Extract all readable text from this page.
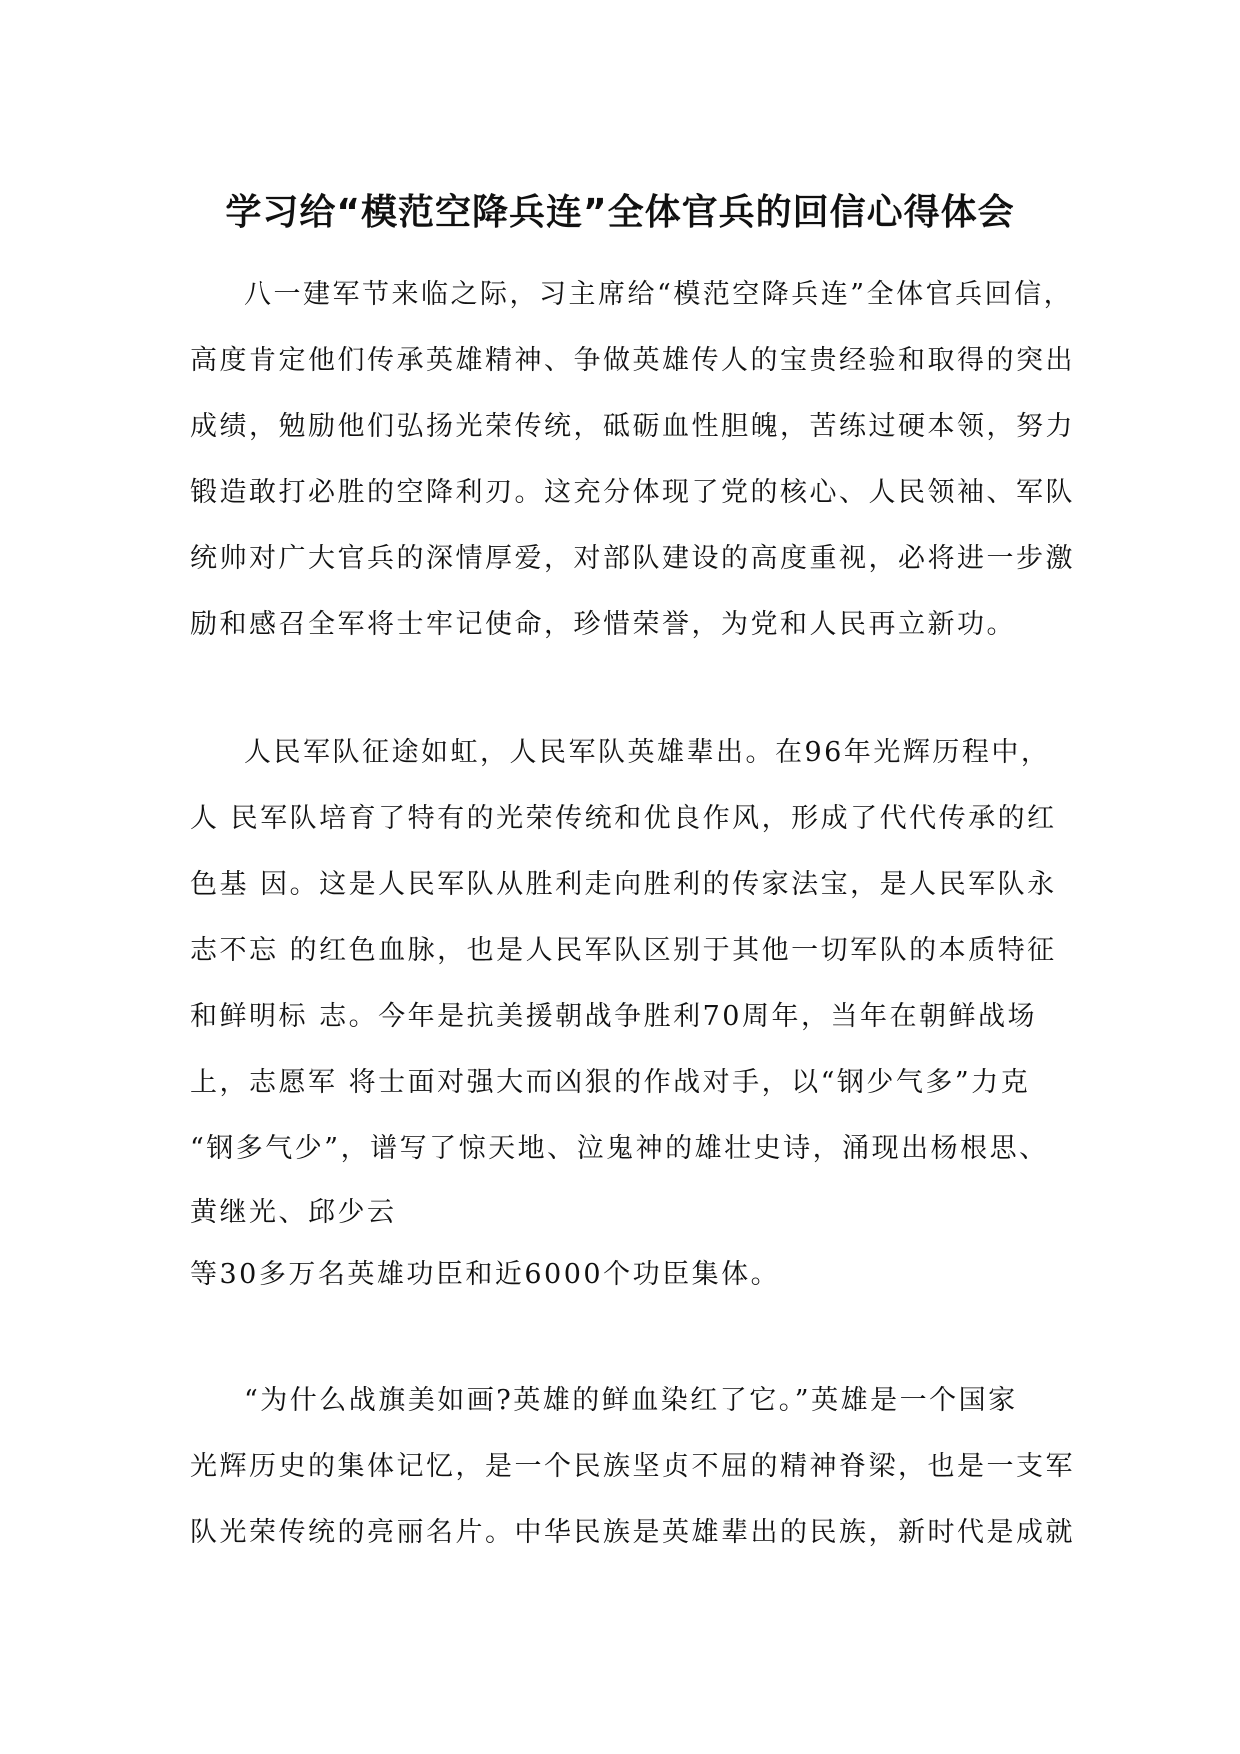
学习给“模范空降兵连”全体官兵的回信心得体会
八一建军节来临之际，习主席给“模范空降兵连”全体官兵回信，
高度肯定他们传承英雄精神、争做英雄传人的宝贵经验和取得的突出
成绩，勉励他们弘扬光荣传统，砥砺血性胆魄，苦练过硬本领，努力
锻造敢打必胜的空降利刃。这充分体现了党的核心、人民领袖、军队
统帅对广大官兵的深情厚爱，对部队建设的高度重视，必将进一步激
励和感召全军将士牢记使命，珍惜荣誉，为党和人民再立新功。
人民军队征途如虹，人民军队英雄辈出。在96年光辉历程中，
人 民军队培育了特有的光荣传统和优良作风，形成了代代传承的红
色基 因。这是人民军队从胜利走向胜利的传家法宝，是人民军队永
志不忘 的红色血脉，也是人民军队区别于其他一切军队的本质特征
和鲜明标 志。今年是抗美援朝战争胜利70周年，当年在朝鲜战场
上，志愿军 将士面对强大而凶狠的作战对手，以“钢少气多”力克
“钢多气少”，谱写了惊天地、泣鬼神的雄壮史诗，涌现出杨根思、
黄继光、邱少云
等30多万名英雄功臣和近6000个功臣集体。
“为什么战旗美如画?英雄的鲜血染红了它。”英雄是一个国家
光辉历史的集体记忆，是一个民族坚贞不屈的精神脊梁，也是一支军
队光荣传统的亮丽名片。中华民族是英雄辈出的民族，新时代是成就
